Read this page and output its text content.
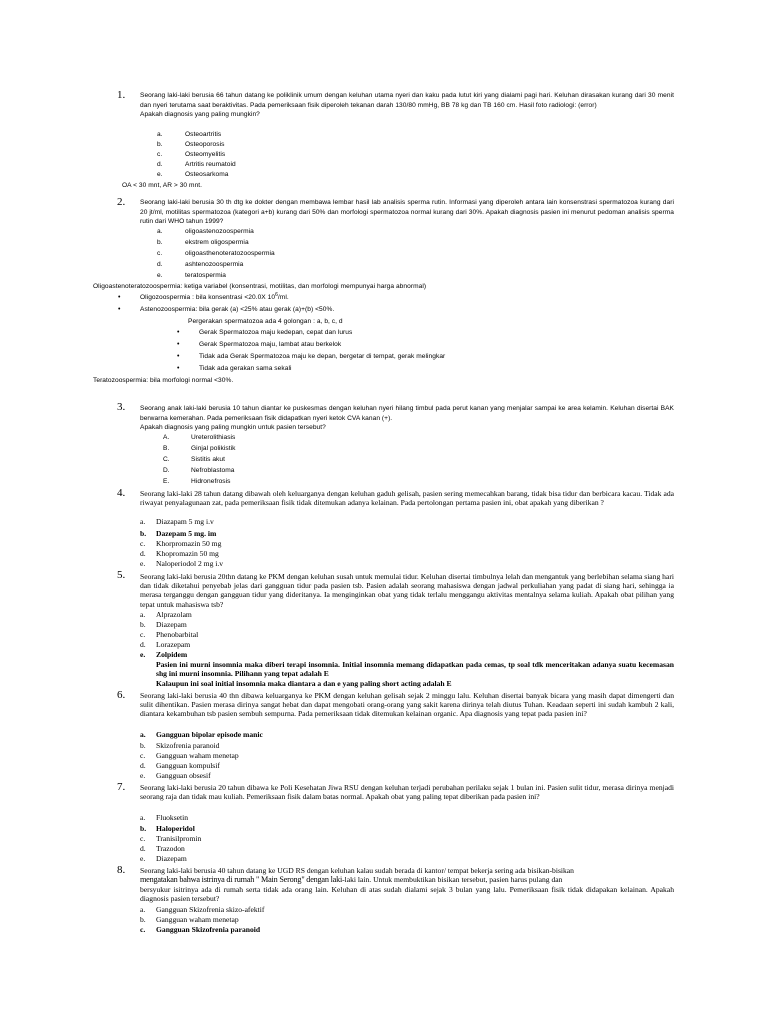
1. Seorang laki-laki berusia 66 tahun datang ke poliklinik umum dengan keluhan utama nyeri dan kaku pada lutut kiri yang dialami pagi hari. Keluhan dirasakan kurang dari 30 menit dan nyeri terutama saat beraktivitas. Pada pemeriksaan fisik diperoleh tekanan darah 130/80 mmHg, BB 78 kg dan TB 160 cm. Hasil foto radiologi: (error)
Apakah diagnosis yang paling mungkin?
a.	Osteoartritis
b.	Osteoporosis
c.	Osteomyelitis
d.	Artritis reumatoid
e.	Osteosarkoma
OA < 30 mnt, AR > 30 mnt.
2. Seorang laki-laki berusia 30 th dtg ke dokter dengan membawa lembar hasil lab analisis sperma rutin. Informasi yang diperoleh antara lain konsenstrasi spermatozoa kurang dari 20 jt/ml, motilitas spermatozoa (kategori a+b) kurang dari 50% dan morfologi spermatozoa normal kurang dari 30%. Apakah diagnosis pasien ini menurut pedoman analisis sperma rutin dari WHO tahun 1999?
a.	oligoastenozoospermia
b.	ekstrem oligospermia
c.	oligoasthenoteratozoospermia
d.	ashtenozoospermia
e.	teratospermia
Oligoastenoteratozoospermia: ketiga variabel (konsentrasi, motilitas, dan morfologi mempunyai harga abnormal)
•	Oligozoospermia : bila konsentrasi <20.0X $10^6/ml$.
•	Astenozoospermia: bila gerak (a) <25% atau gerak (a)+(b) <50%.
Pergerakan spermatozoa ada 4 golongan : a, b, c, d
•	Gerak Spermatozoa maju kedepan, cepat dan lurus
•	Gerak Spermatozoa maju, lambat atau berkelok
•	Tidak ada Gerak Spermatozoa maju ke depan, bergetar di tempat, gerak melingkar
•	Tidak ada gerakan sama sekali
Teratozoospermia: bila morfologi normal <30%.
3. Seorang anak laki-laki berusia 10 tahun diantar ke puskesmas dengan keluhan nyeri hilang timbul pada perut kanan yang menjalar sampai ke area kelamin. Keluhan disertai BAK berwarna kemerahan. Pada pemeriksaan fisik didapatkan nyeri ketok CVA kanan (+).
Apakah diagnosis yang paling mungkin untuk pasien tersebut?
A.	Ureterolithiasis
B.	Ginjal polikistik
C.	Sistitis akut
D.	Nefroblastoma
E.	Hidronefrosis
4. Seorang laki-laki 28 tahun datang dibawah oleh keluarganya dengan keluhan gaduh gelisah, pasien sering memecahkan barang, tidak bisa tidur dan berbicara kacau. Tidak ada riwayat penyalagunaan zat, pada pemeriksaan fisik tidak ditemukan adanya kelainan. Pada pertolongan pertama pasien ini, obat apakah yang diberikan ?
a. Diazapam 5 mg i.v
b. Dazepam 5 mg. im
c. Khorpromazin 50 mg
d. Khopromazin 50 mg
e. Naloperiodol 2 mg i.v
5. Seorang laki-laki berusia 20thn datang ke PKM dengan keluhan susah untuk memulai tidur. Keluhan disertai timbulnya lelah dan mengantuk yang berlebihan selama siang hari dan tidak diketahui penyebab jelas dari gangguan tidur pada pasien tsb. Pasien adalah seorang mahasiswa dengan jadwal perkuliahan yang padat di siang hari, sehingga ia merasa terganggu dengan gangguan tidur yang dideritanya. Ia menginginkan obat yang tidak terlalu menggangu aktivitas mentalnya selama kuliah. Apakah obat pilihan yang tepat untuk mahasiswa tsb?
a. Alprazolam
b. Diazepam
c. Phenobarbital
d. Lorazepam
e. Zolpidem
Pasien ini murni insomnia maka diberi terapi insomnia. Initial insomnia memang didapatkan pada cemas, tp soal tdk menceritakan adanya suatu kecemasan shg ini murni insomnia. Pilihann yang tepat adalah E
Kalaupun ini soal initial insomnia maka diantara a dan e yang paling short acting adalah E
6. Seorang laki-laki berusia 40 thn dibawa keluarganya ke PKM dengan keluhan gelisah sejak 2 minggu lalu. Keluhan disertai banyak bicara yang masih dapat dimengerti dan sulit dihentikan. Pasien merasa dirinya sangat hebat dan dapat mengobati orang-orang yang sakit karena dirinya telah diutus Tuhan. Keadaan seperti ini sudah kambuh 2 kali, diantara kekambuhan tsb pasien sembuh sempurna. Pada pemeriksaan tidak ditemukan kelainan organic. Apa diagnosis yang tepat pada pasien ini?
a. Gangguan bipolar episode manic
b. Skizofrenia paranoid
c. Gangguan waham menetap
d. Gangguan kompulsif
e. Gangguan obsesif
7. Seorang laki-laki berusia 20 tahun dibawa ke Poli Kesehatan Jiwa RSU dengan keluhan terjadi perubahan perilaku sejak 1 bulan ini. Pasien sulit tidur, merasa dirinya menjadi seorang raja dan tidak mau kuliah. Pemeriksaan fisik dalam batas normal. Apakah obat yang paling tepat diberikan pada pasien ini?
a. Fluoksetin
b. Haloperidol
c. Tranisilpromin
d. Trazodon
e. Diazepam
8. Seorang laki-laki berusia 40 tahun datang ke UGD RS dengan keluhan kalau sudah berada di kantor/ tempat bekerja sering ada bisikan-bisikan
mengatakan bahwa istrinya di rumah " Main Serong" dengan laki-laki lain. Untuk membuktikan bisikan tersebut, pasien harus pulang dan
bersyukur isitrinya ada di rumah serta tidak ada orang lain. Keluhan di atas sudah dialami sejak 3 bulan yang lalu. Pemeriksaan fisik tidak didapakan kelainan. Apakah diagnosis pasien tersebut?
a. Gangguan Skizofrenia skizo-afektif
b. Gangguan waham menetap
c. Gangguan Skizofrenia paranoid
